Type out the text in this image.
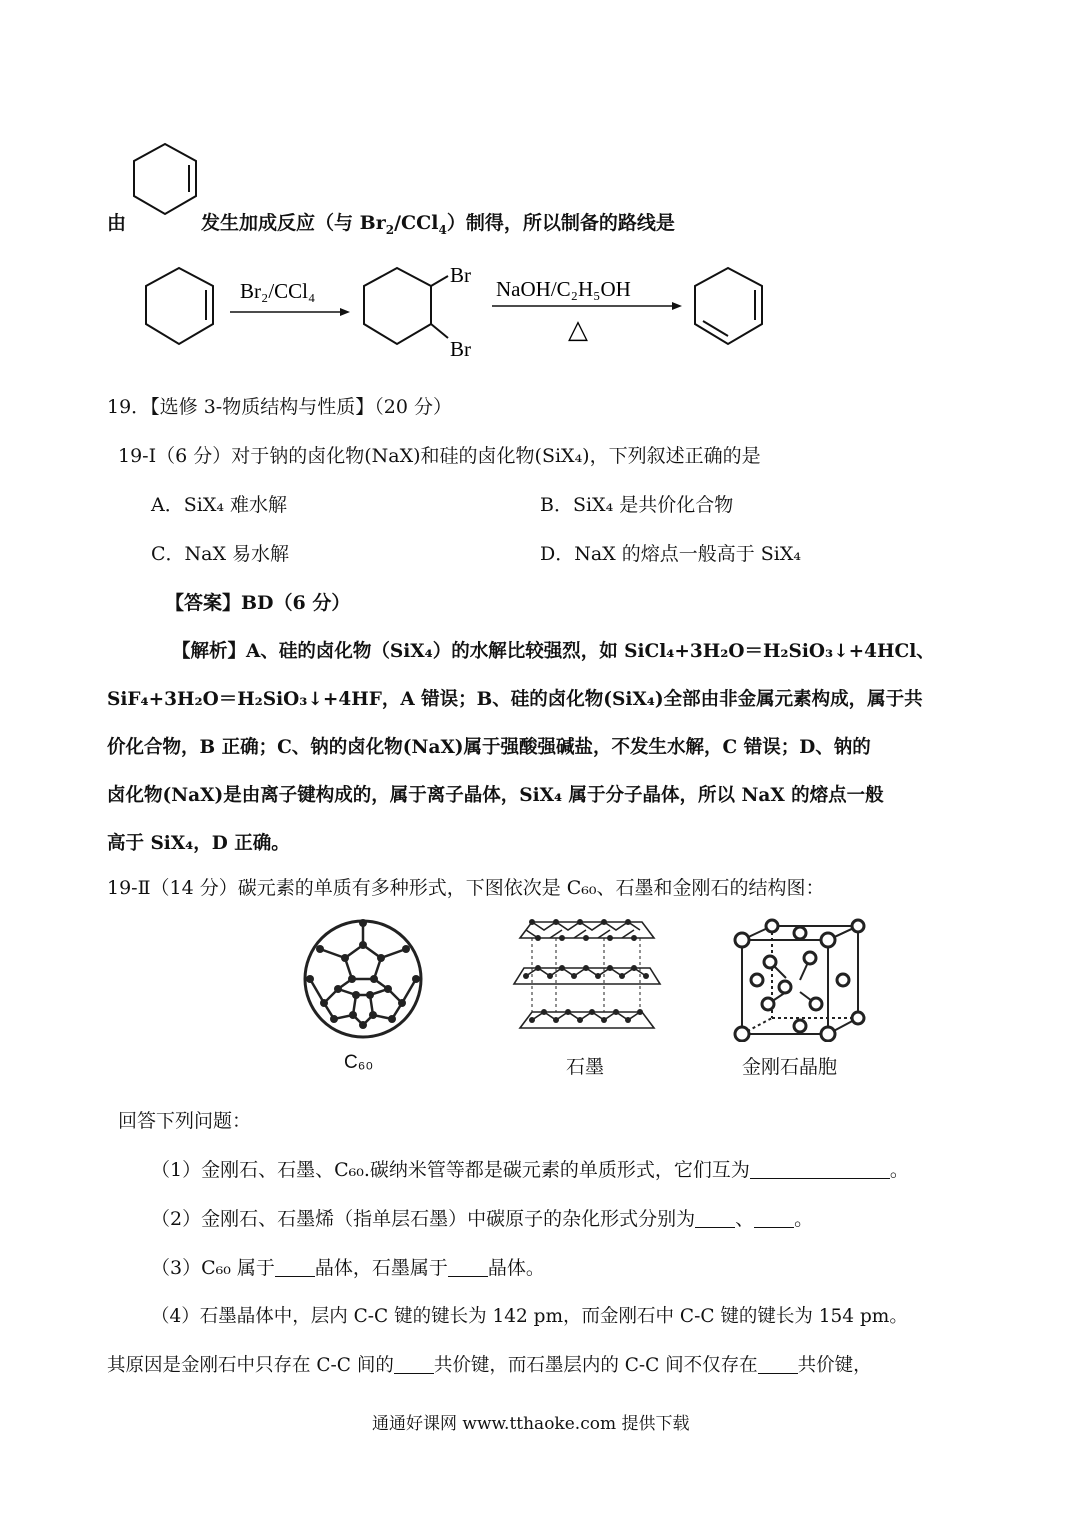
由	发生加成反应（与 $Br_2/CCl_4$）制得，所以制备的路线是
Br₂/CCl₄
Br
Br
NaOH/C₂H₅OH
△
19．【选修 3-物质结构与性质】（20 分）
19-Ⅰ（6 分）对于钠的卤化物(NaX)和硅的卤化物(SiX₄)，下列叙述正确的是
A．SiX₄ 难水解	B．SiX₄ 是共价化合物
C．NaX 易水解	D．NaX 的熔点一般高于 SiX₄
【答案】BD（6 分）
【解析】A、硅的卤化物（SiX₄）的水解比较强烈，如 SiCl₄+3H₂O＝H₂SiO₃↓+4HCl、
SiF₄+3H₂O＝H₂SiO₃↓+4HF，A 错误；B、硅的卤化物(SiX₄)全部由非金属元素构成，属于共
价化合物，B 正确；C、钠的卤化物(NaX)属于强酸强碱盐，不发生水解，C 错误；D、钠的
卤化物(NaX)是由离子键构成的，属于离子晶体，SiX₄ 属于分子晶体，所以 NaX 的熔点一般
高于 SiX₄，D 正确。
19-Ⅱ（14 分）碳元素的单质有多种形式，下图依次是 C₆₀、石墨和金刚石的结构图：
C₆₀	石墨	金刚石晶胞
回答下列问题：
（1）金刚石、石墨、C₆₀.碳纳米管等都是碳元素的单质形式，它们互为	。
（2）金刚石、石墨烯（指单层石墨）中碳原子的杂化形式分别为 、 。
（3）C₆₀ 属于 晶体，石墨属于 晶体。
（4）石墨晶体中，层内 C-C 键的键长为 142 pm，而金刚石中 C-C 键的键长为 154 pm。
其原因是金刚石中只存在 C-C 间的 共价键，而石墨层内的 C-C 间不仅存在 共价键，
通通好课网 www.tthaoke.com 提供下载
